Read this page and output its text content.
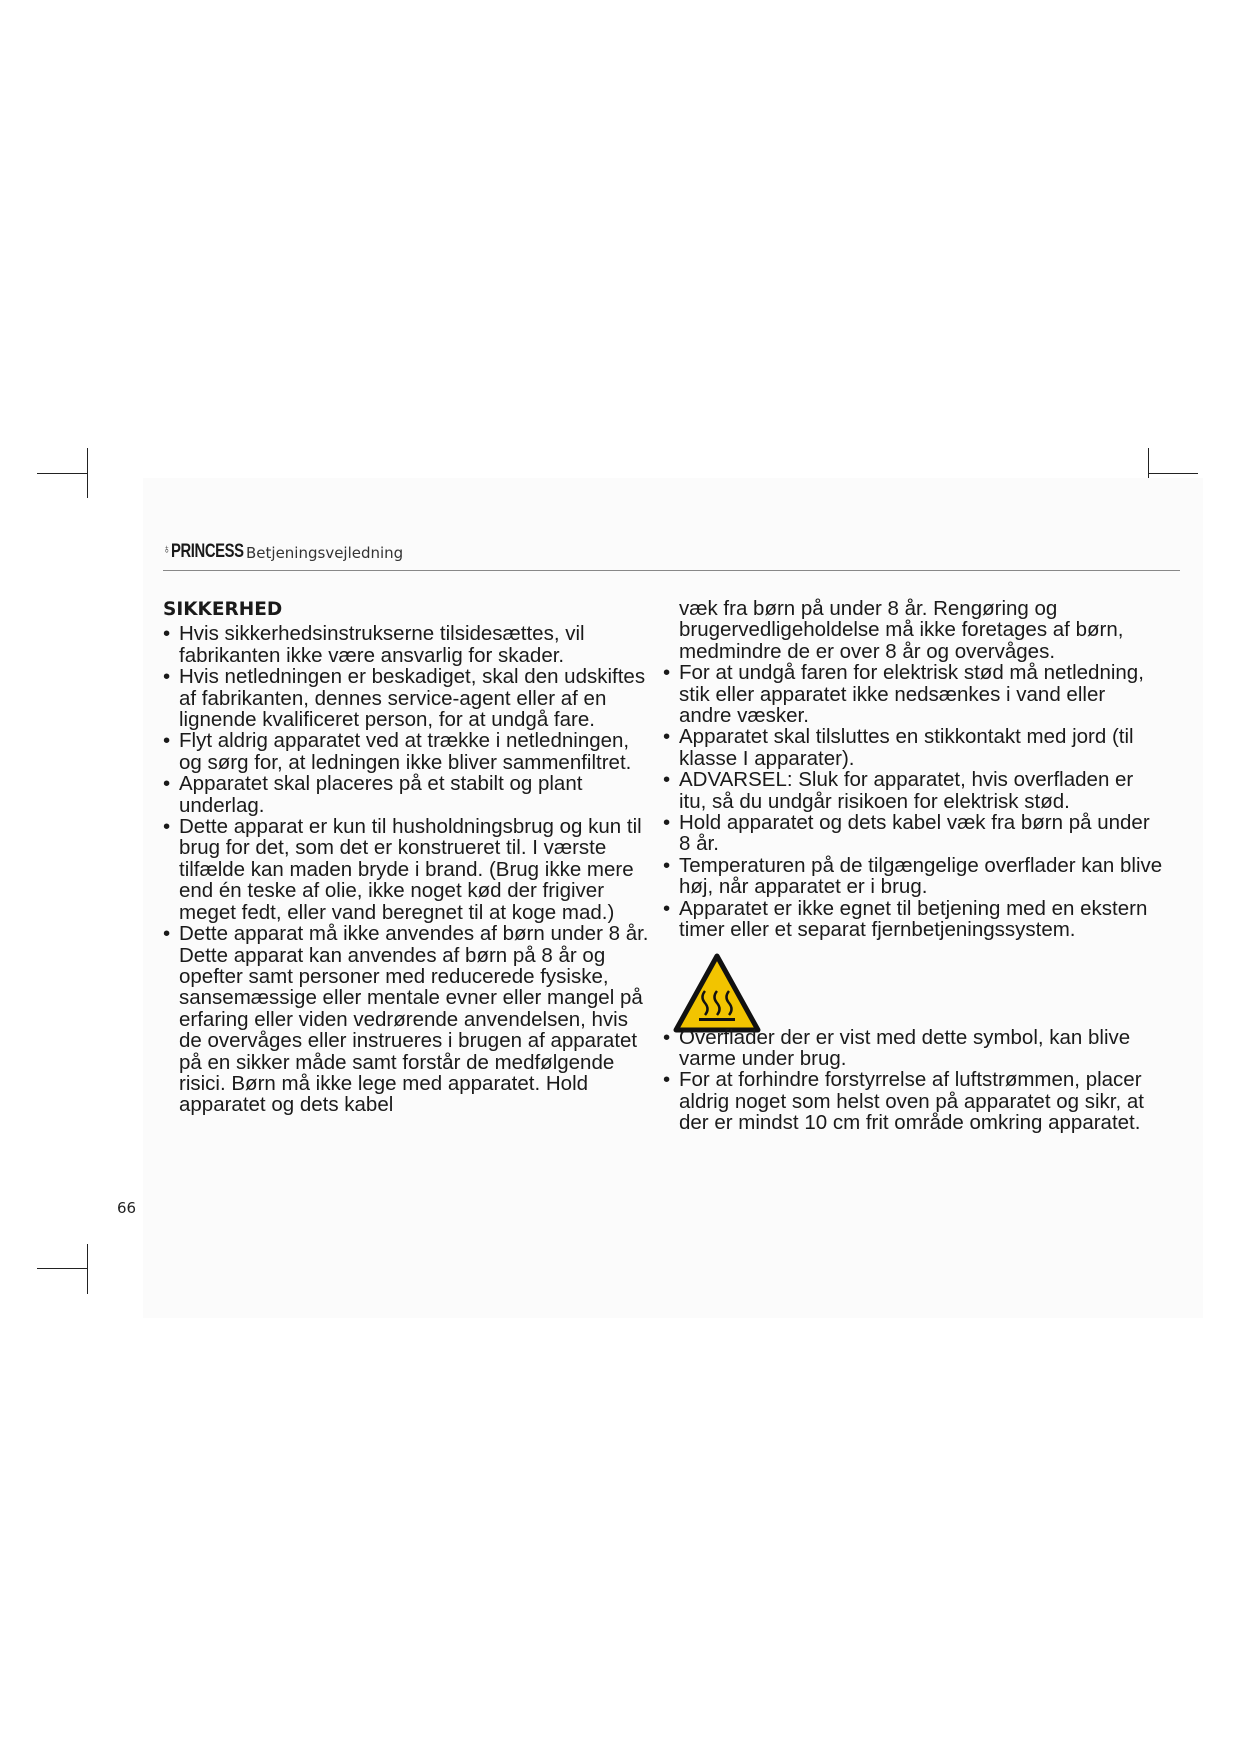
♁PRINCESS Betjeningsvejledning
SIKKERHED
• Hvis sikkerhedsinstrukserne tilsidesættes, vil fabrikanten ikke være ansvarlig for skader.
• Hvis netledningen er beskadiget, skal den udskiftes af fabrikanten, dennes service-agent eller af en lignende kvalificeret person, for at undgå fare.
• Flyt aldrig apparatet ved at trække i netledningen, og sørg for, at ledningen ikke bliver sammenfiltret.
• Apparatet skal placeres på et stabilt og plant underlag.
• Dette apparat er kun til husholdningsbrug og kun til brug for det, som det er konstrueret til. I værste tilfælde kan maden bryde i brand. (Brug ikke mere end én teske af olie, ikke noget kød der frigiver meget fedt, eller vand beregnet til at koge mad.)
• Dette apparat må ikke anvendes af børn under 8 år. Dette apparat kan anvendes af børn på 8 år og opefter samt personer med reducerede fysiske, sansemæssige eller mentale evner eller mangel på erfaring eller viden vedrørende anvendelsen, hvis de overvåges eller instrueres i brugen af apparatet på en sikker måde samt forstår de medfølgende risici. Børn må ikke lege med apparatet. Hold apparatet og dets kabel
væk fra børn på under 8 år. Rengøring og brugervedligeholdelse må ikke foretages af børn, medmindre de er over 8 år og overvåges.
• For at undgå faren for elektrisk stød må netledning, stik eller apparatet ikke nedsænkes i vand eller andre væsker.
• Apparatet skal tilsluttes en stikkontakt med jord (til klasse I apparater).
• ADVARSEL: Sluk for apparatet, hvis overfladen er itu, så du undgår risikoen for elektrisk stød.
• Hold apparatet og dets kabel væk fra børn på under 8 år.
• Temperaturen på de tilgængelige overflader kan blive høj, når apparatet er i brug.
• Apparatet er ikke egnet til betjening med en ekstern timer eller et separat fjernbetjeningssystem.
• Overflader der er vist med dette symbol, kan blive varme under brug.
• For at forhindre forstyrrelse af luftstrømmen, placer aldrig noget som helst oven på apparatet og sikr, at der er mindst 10 cm frit område omkring apparatet.
66
